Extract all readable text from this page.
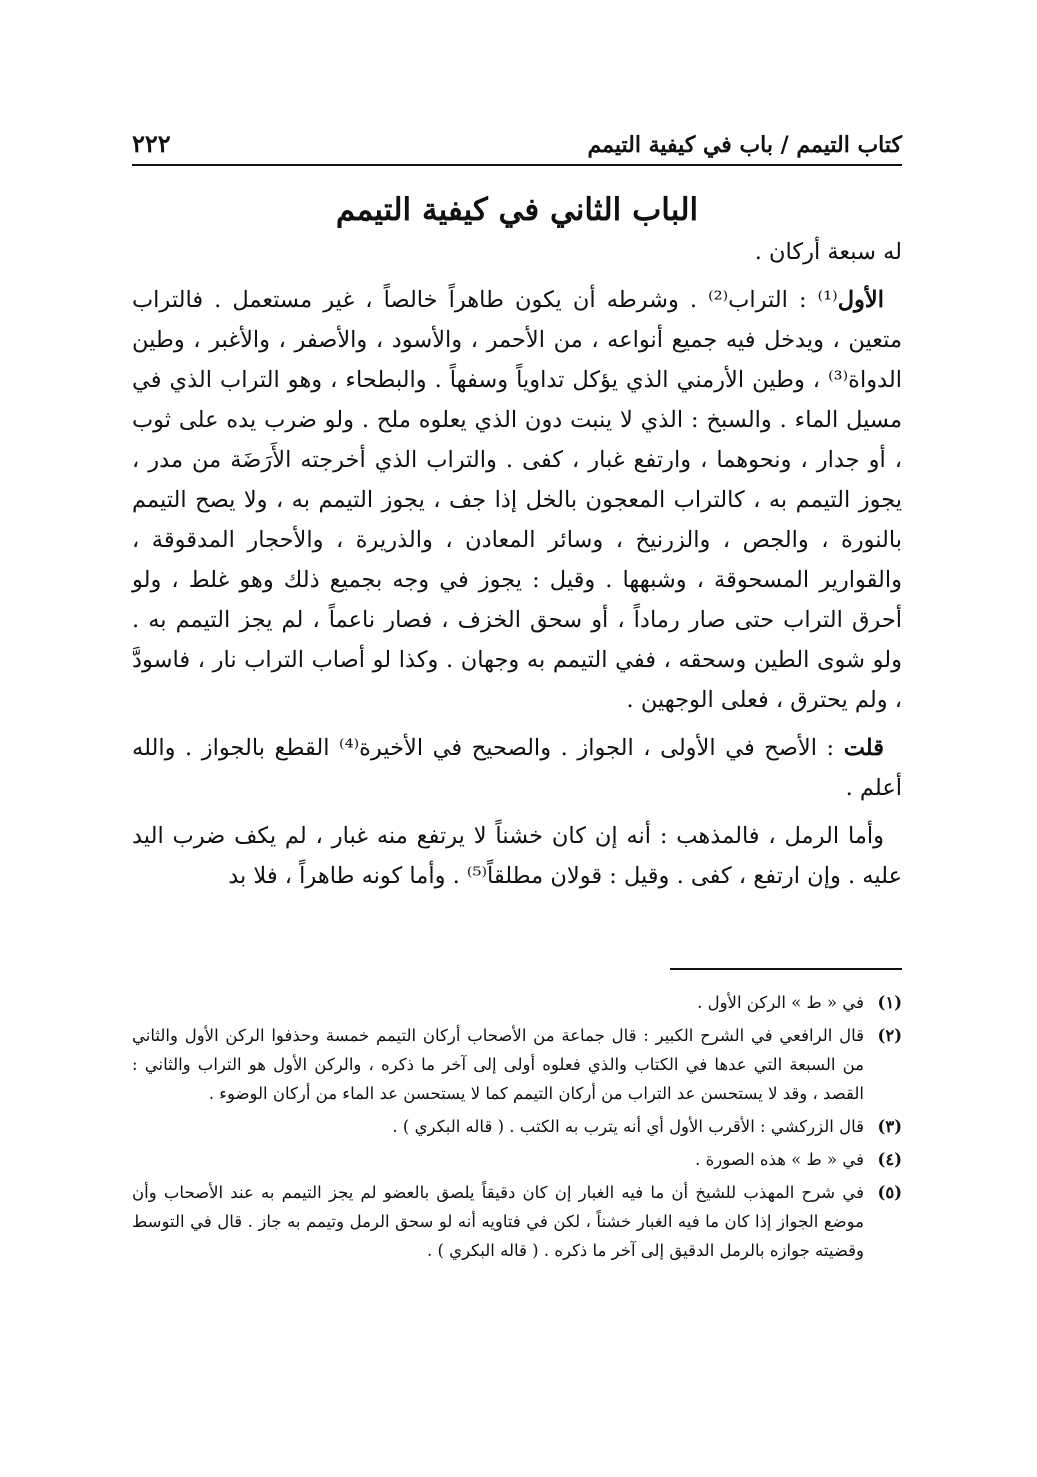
كتاب التيمم / باب في كيفية التيمم
٢٢٢
الباب الثاني في كيفية التيمم

له سبعة أركان .

الأول⁽¹⁾ : التراب⁽²⁾ . وشرطه أن يكون طاهراً خالصاً ، غير مستعمل . فالتراب متعين ، ويدخل فيه جميع أنواعه ، من الأحمر ، والأسود ، والأصفر ، والأغبر ، وطين الدواة⁽³⁾ ، وطين الأرمني الذي يؤكل تداوياً وسفهاً . والبطحاء ، وهو التراب الذي في مسيل الماء . والسبخ : الذي لا ينبت دون الذي يعلوه ملح . ولو ضرب يده على ثوب ، أو جدار ، ونحوهما ، وارتفع غبار ، كفى . والتراب الذي أخرجته الأَرَضَة من مدر ، يجوز التيمم به ، كالتراب المعجون بالخل إذا جف ، يجوز التيمم به ، ولا يصح التيمم بالنورة ، والجص ، والزرنيخ ، وسائر المعادن ، والذريرة ، والأحجار المدقوقة ، والقوارير المسحوقة ، وشبهها . وقيل : يجوز في وجه بجميع ذلك وهو غلط ، ولو أحرق التراب حتى صار رماداً ، أو سحق الخزف ، فصار ناعماً ، لم يجز التيمم به . ولو شوى الطين وسحقه ، ففي التيمم به وجهان . وكذا لو أصاب التراب نار ، فاسودَّ ، ولم يحترق ، فعلى الوجهين .

قلت : الأصح في الأولى ، الجواز . والصحيح في الأخيرة⁽⁴⁾ القطع بالجواز . والله أعلم .

وأما الرمل ، فالمذهب : أنه إن كان خشناً لا يرتفع منه غبار ، لم يكف ضرب اليد عليه . وإن ارتفع ، كفى . وقيل : قولان مطلقاً⁽⁵⁾ . وأما كونه طاهراً ، فلا بد

(١)
في « ط » الركن الأول .
(٢)
قال الرافعي في الشرح الكبير : قال جماعة من الأصحاب أركان التيمم خمسة وحذفوا الركن الأول والثاني من السبعة التي عدها في الكتاب والذي فعلوه أولى إلى آخر ما ذكره ، والركن الأول هو التراب والثاني : القصد ، وقد لا يستحسن عد التراب من أركان التيمم كما لا يستحسن عد الماء من أركان الوضوء .
(٣)
قال الزركشي : الأقرب الأول أي أنه يترب به الكتب . ( قاله البكري ) .
(٤)
في « ط » هذه الصورة .
(٥)
في شرح المهذب للشيخ أن ما فيه الغبار إن كان دقيقاً يلصق بالعضو لم يجز التيمم به عند الأصحاب وأن موضع الجواز إذا كان ما فيه الغبار خشناً ، لكن في فتاويه أنه لو سحق الرمل وتيمم به جاز . قال في التوسط وقضيته جوازه بالرمل الدقيق إلى آخر ما ذكره . ( قاله البكري ) .
